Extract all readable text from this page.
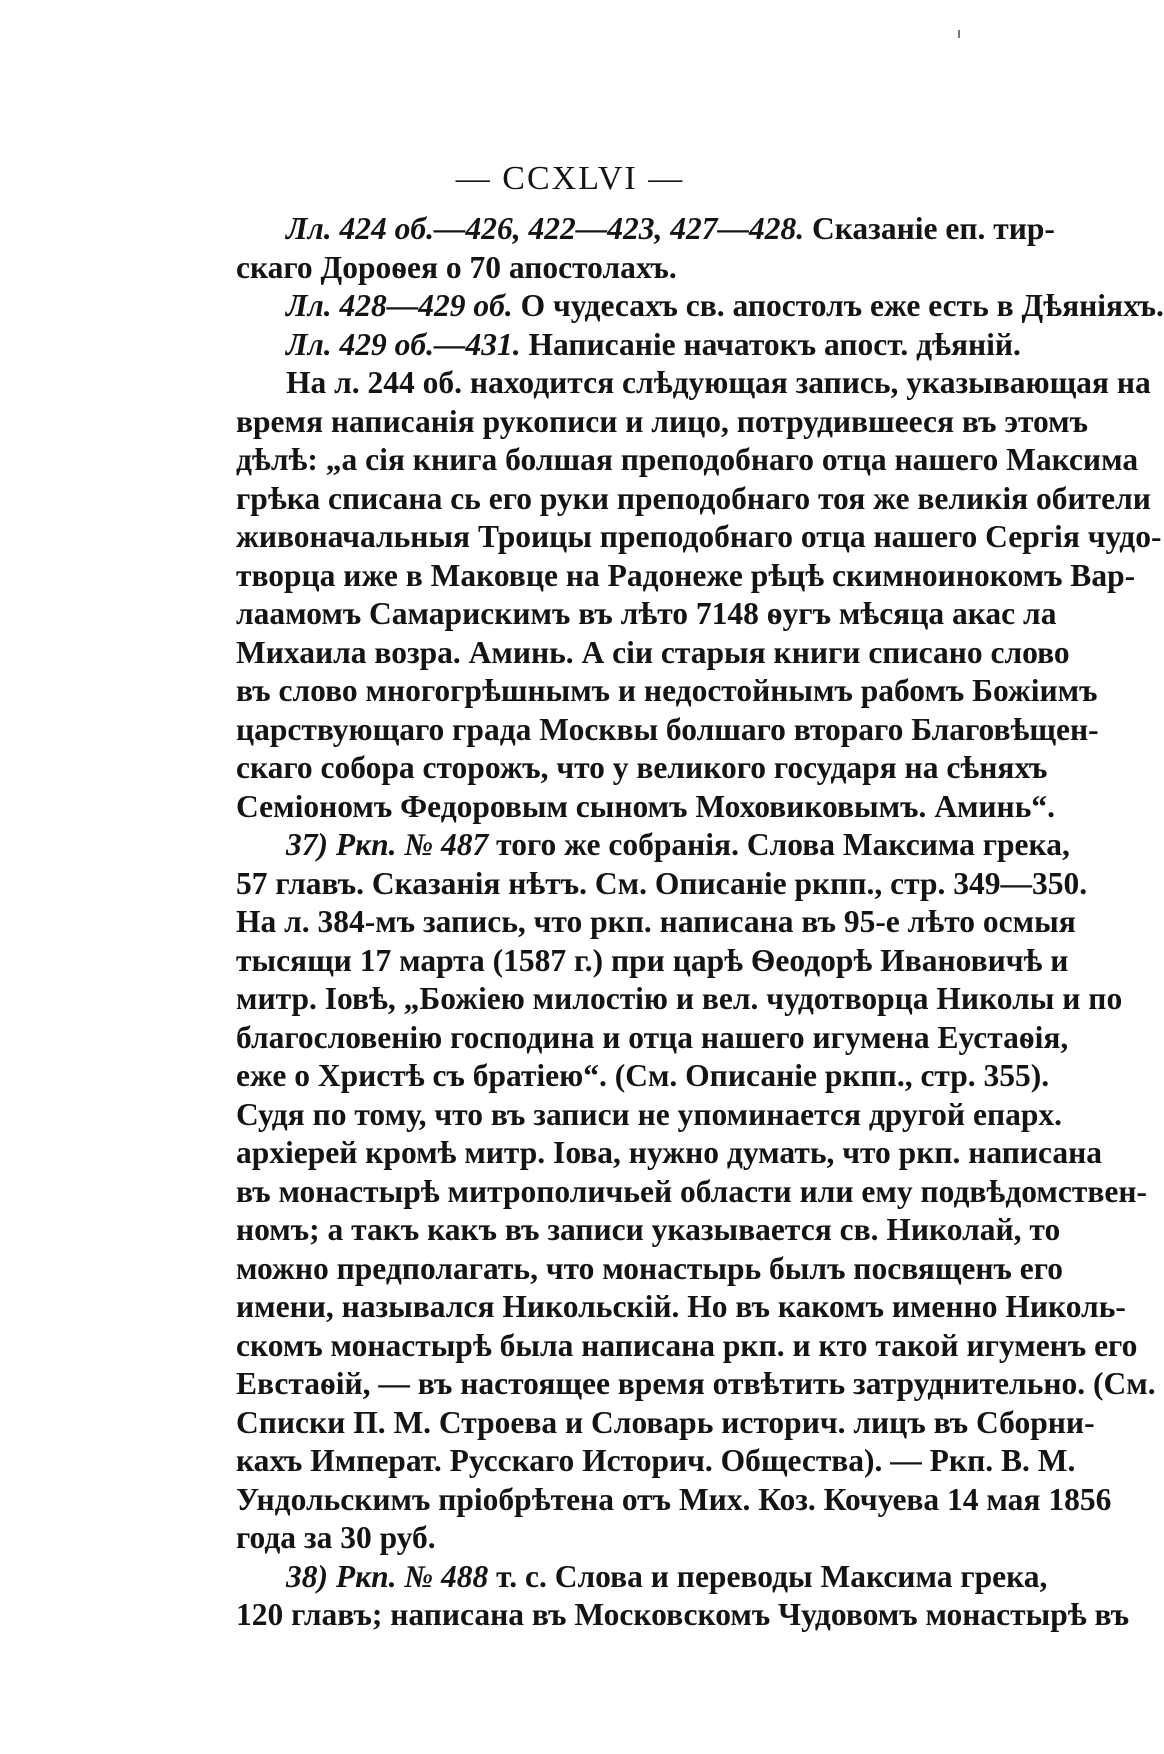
— CCXLVI —
Лл. 424 об.—426, 422—423, 427—428. Сказаніе еп. тир-
скаго Дороѳея о 70 апостолахъ.
Лл. 428—429 об. О чудесахъ св. апостолъ еже есть в Дѣяніяхъ.
Лл. 429 об.—431. Написаніе начатокъ апост. дѣяній.
На л. 244 об. находится слѣдующая запись, указывающая на
время написанія рукописи и лицо, потрудившееся въ этомъ
дѣлѣ: „а сія книга болшая преподобнаго отца нашего Максима
грѣка списана сь его руки преподобнаго тоя же великія обители
живоначальныя Троицы преподобнаго отца нашего Сергія чудо-
творца иже в Маковце на Радонеже рѣцѣ скимноинокомъ Вар-
лаамомъ Самарискимъ въ лѣто 7148 ѳугъ мѣсяца акас ла
Михаила возра. Аминь. А сіи старыя книги списано слово
въ слово многогрѣшнымъ и недостойнымъ рабомъ Божіимъ
царствующаго града Москвы болшаго втораго Благовѣщен-
скаго собора сторожъ, что у великого государя на сѣняхъ
Семіономъ Федоровым сыномъ Моховиковымъ. Аминь“.
37) Ркп. № 487 того же собранія. Слова Максима грека,
57 главъ. Сказанія нѣтъ. См. Описаніе ркпп., стр. 349—350.
На л. 384-мъ запись, что ркп. написана въ 95-е лѣто осмыя
тысящи 17 марта (1587 г.) при царѣ Ѳеодорѣ Ивановичѣ и
митр. Іовѣ, „Божіею милостію и вел. чудотворца Николы и по
благословенію господина и отца нашего игумена Еустаѳія,
еже о Христѣ съ братіею“. (См. Описаніе ркпп., стр. 355).
Судя по тому, что въ записи не упоминается другой епарх.
архіерей кромѣ митр. Іова, нужно думать, что ркп. написана
въ монастырѣ митрополичьей области или ему подвѣдомствен-
номъ; а такъ какъ въ записи указывается св. Николай, то
можно предполагать, что монастырь былъ посвященъ его
имени, назывался Никольскій. Но въ какомъ именно Николь-
скомъ монастырѣ была написана ркп. и кто такой игуменъ его
Евстаѳій, — въ настоящее время отвѣтить затруднительно. (См.
Списки П. М. Строева и Словарь историч. лицъ въ Сборни-
кахъ Императ. Русскаго Историч. Общества). — Ркп. В. М.
Ундольскимъ пріобрѣтена отъ Мих. Коз. Кочуева 14 мая 1856
года за 30 руб.
38) Ркп. № 488 т. с. Слова и переводы Максима грека,
120 главъ; написана въ Московскомъ Чудовомъ монастырѣ въ
